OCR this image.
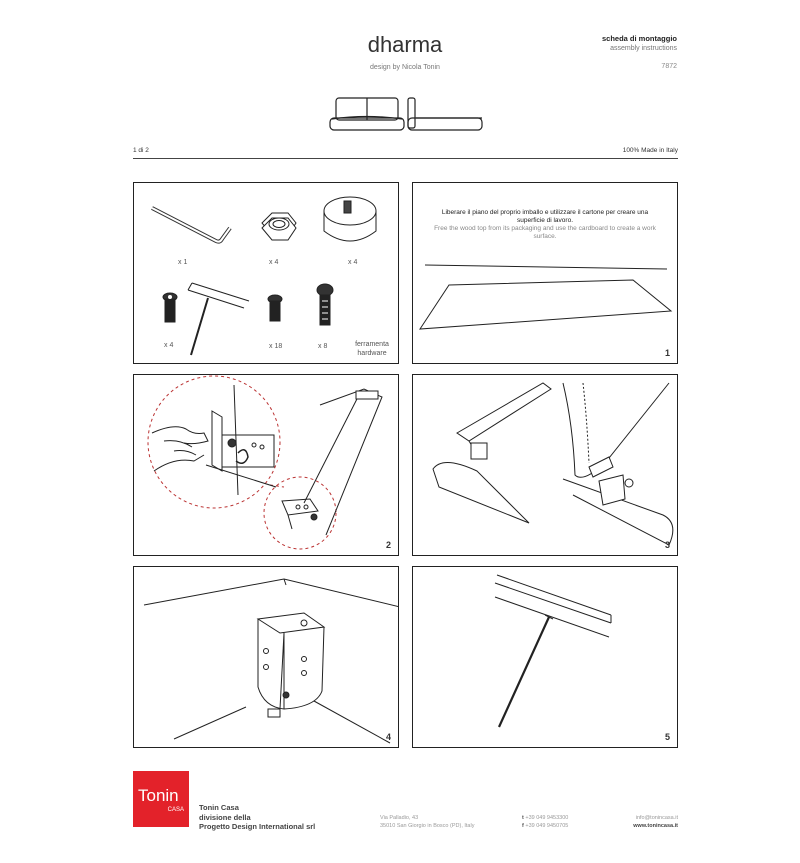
dharma
design by Nicola Tonin
scheda di montaggio
assembly instructions
7872
1 di 2	100% Made in Italy
x 1	x 4	x 4
x 4	x 18	x 8	ferramenta
hardware
Liberare il piano del proprio imballo e utilizzare il cartone per creare una superficie di lavoro.
Free the wood top from its packaging and use the cardboard to create a work surface.
1
2	3
4	5
Tonin
CASA Tonin Casa
divisione della
Progetto Design International srl
Via Palladio, 43
35010 San Giorgio in Bosco (PD), Italy
t +39 049 9453300
f +39 049 9450705
info@tonincasa.it
www.tonincasa.it
